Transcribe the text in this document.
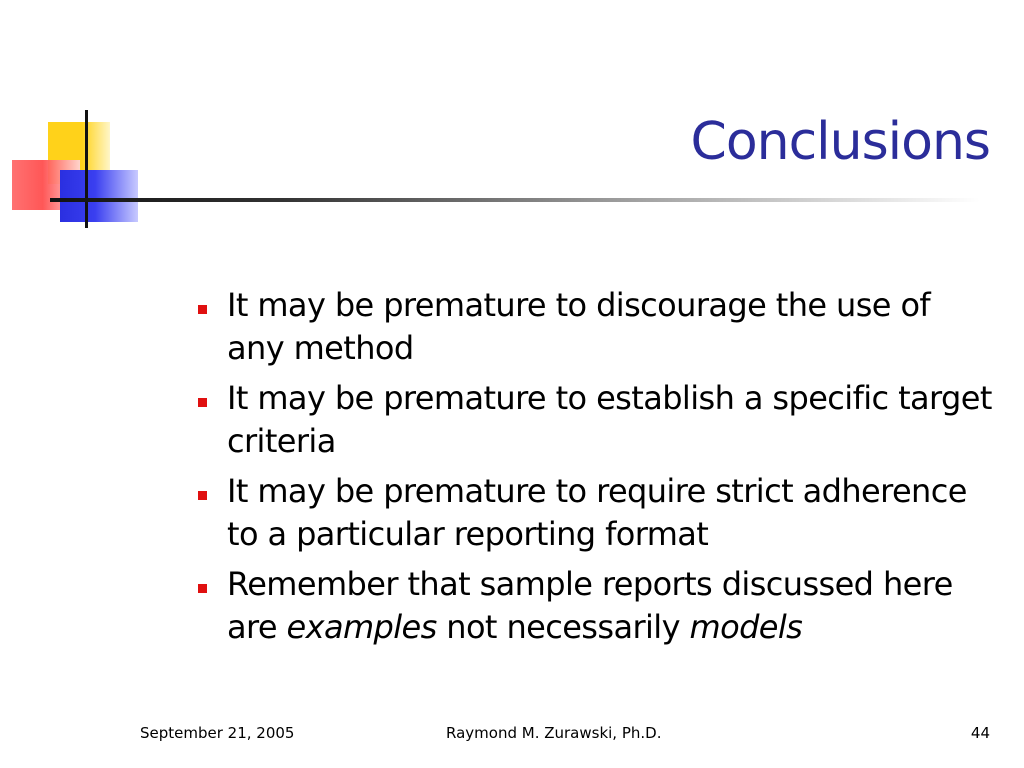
Conclusions
It may be premature to discourage the use of any method
It may be premature to establish a specific target criteria
It may be premature to require strict adherence to a particular reporting format
Remember that sample reports discussed here are examples not necessarily models
September 21, 2005	Raymond M. Zurawski, Ph.D.	44
